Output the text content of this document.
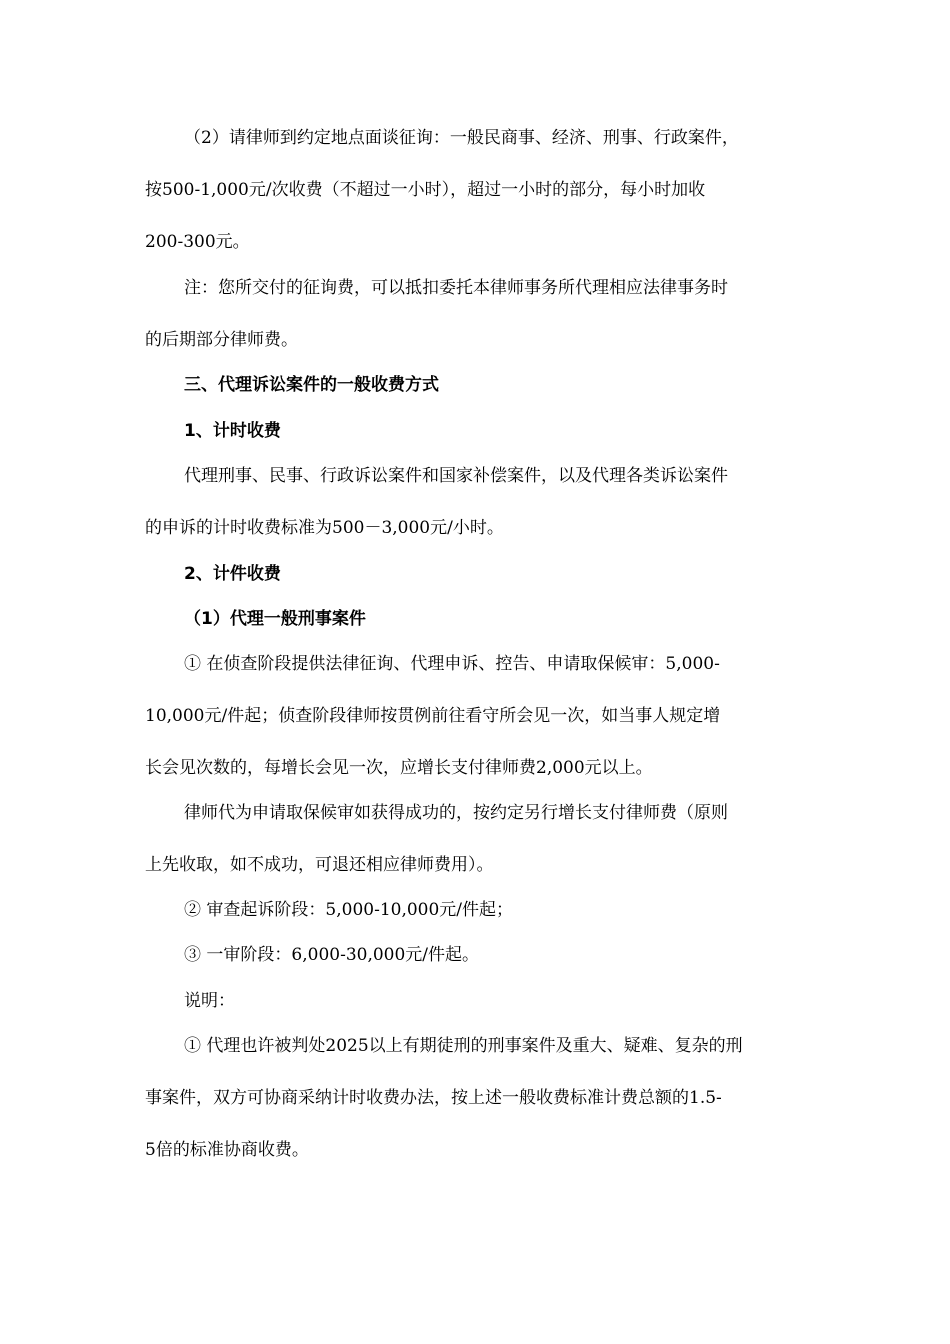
（2）请律师到约定地点面谈征询：一般民商事、经济、刑事、行政案件，

按500-1,000元/次收费（不超过一小时），超过一小时的部分，每小时加收

200-300元。

注：您所交付的征询费，可以抵扣委托本律师事务所代理相应法律事务时

的后期部分律师费。

三、代理诉讼案件的一般收费方式

1、计时收费

代理刑事、民事、行政诉讼案件和国家补偿案件，以及代理各类诉讼案件

的申诉的计时收费标准为500－3,000元/小时。

2、计件收费

（1）代理一般刑事案件

① 在侦查阶段提供法律征询、代理申诉、控告、申请取保候审：5,000-

10,000元/件起；侦查阶段律师按贯例前往看守所会见一次，如当事人规定增

长会见次数的，每增长会见一次，应增长支付律师费2,000元以上。

律师代为申请取保候审如获得成功的，按约定另行增长支付律师费（原则

上先收取，如不成功，可退还相应律师费用）。

② 审查起诉阶段：5,000-10,000元/件起；

③ 一审阶段：6,000-30,000元/件起。

说明：

① 代理也许被判处2025以上有期徒刑的刑事案件及重大、疑难、复杂的刑

事案件，双方可协商采纳计时收费办法，按上述一般收费标准计费总额的1.5-

5倍的标准协商收费。
